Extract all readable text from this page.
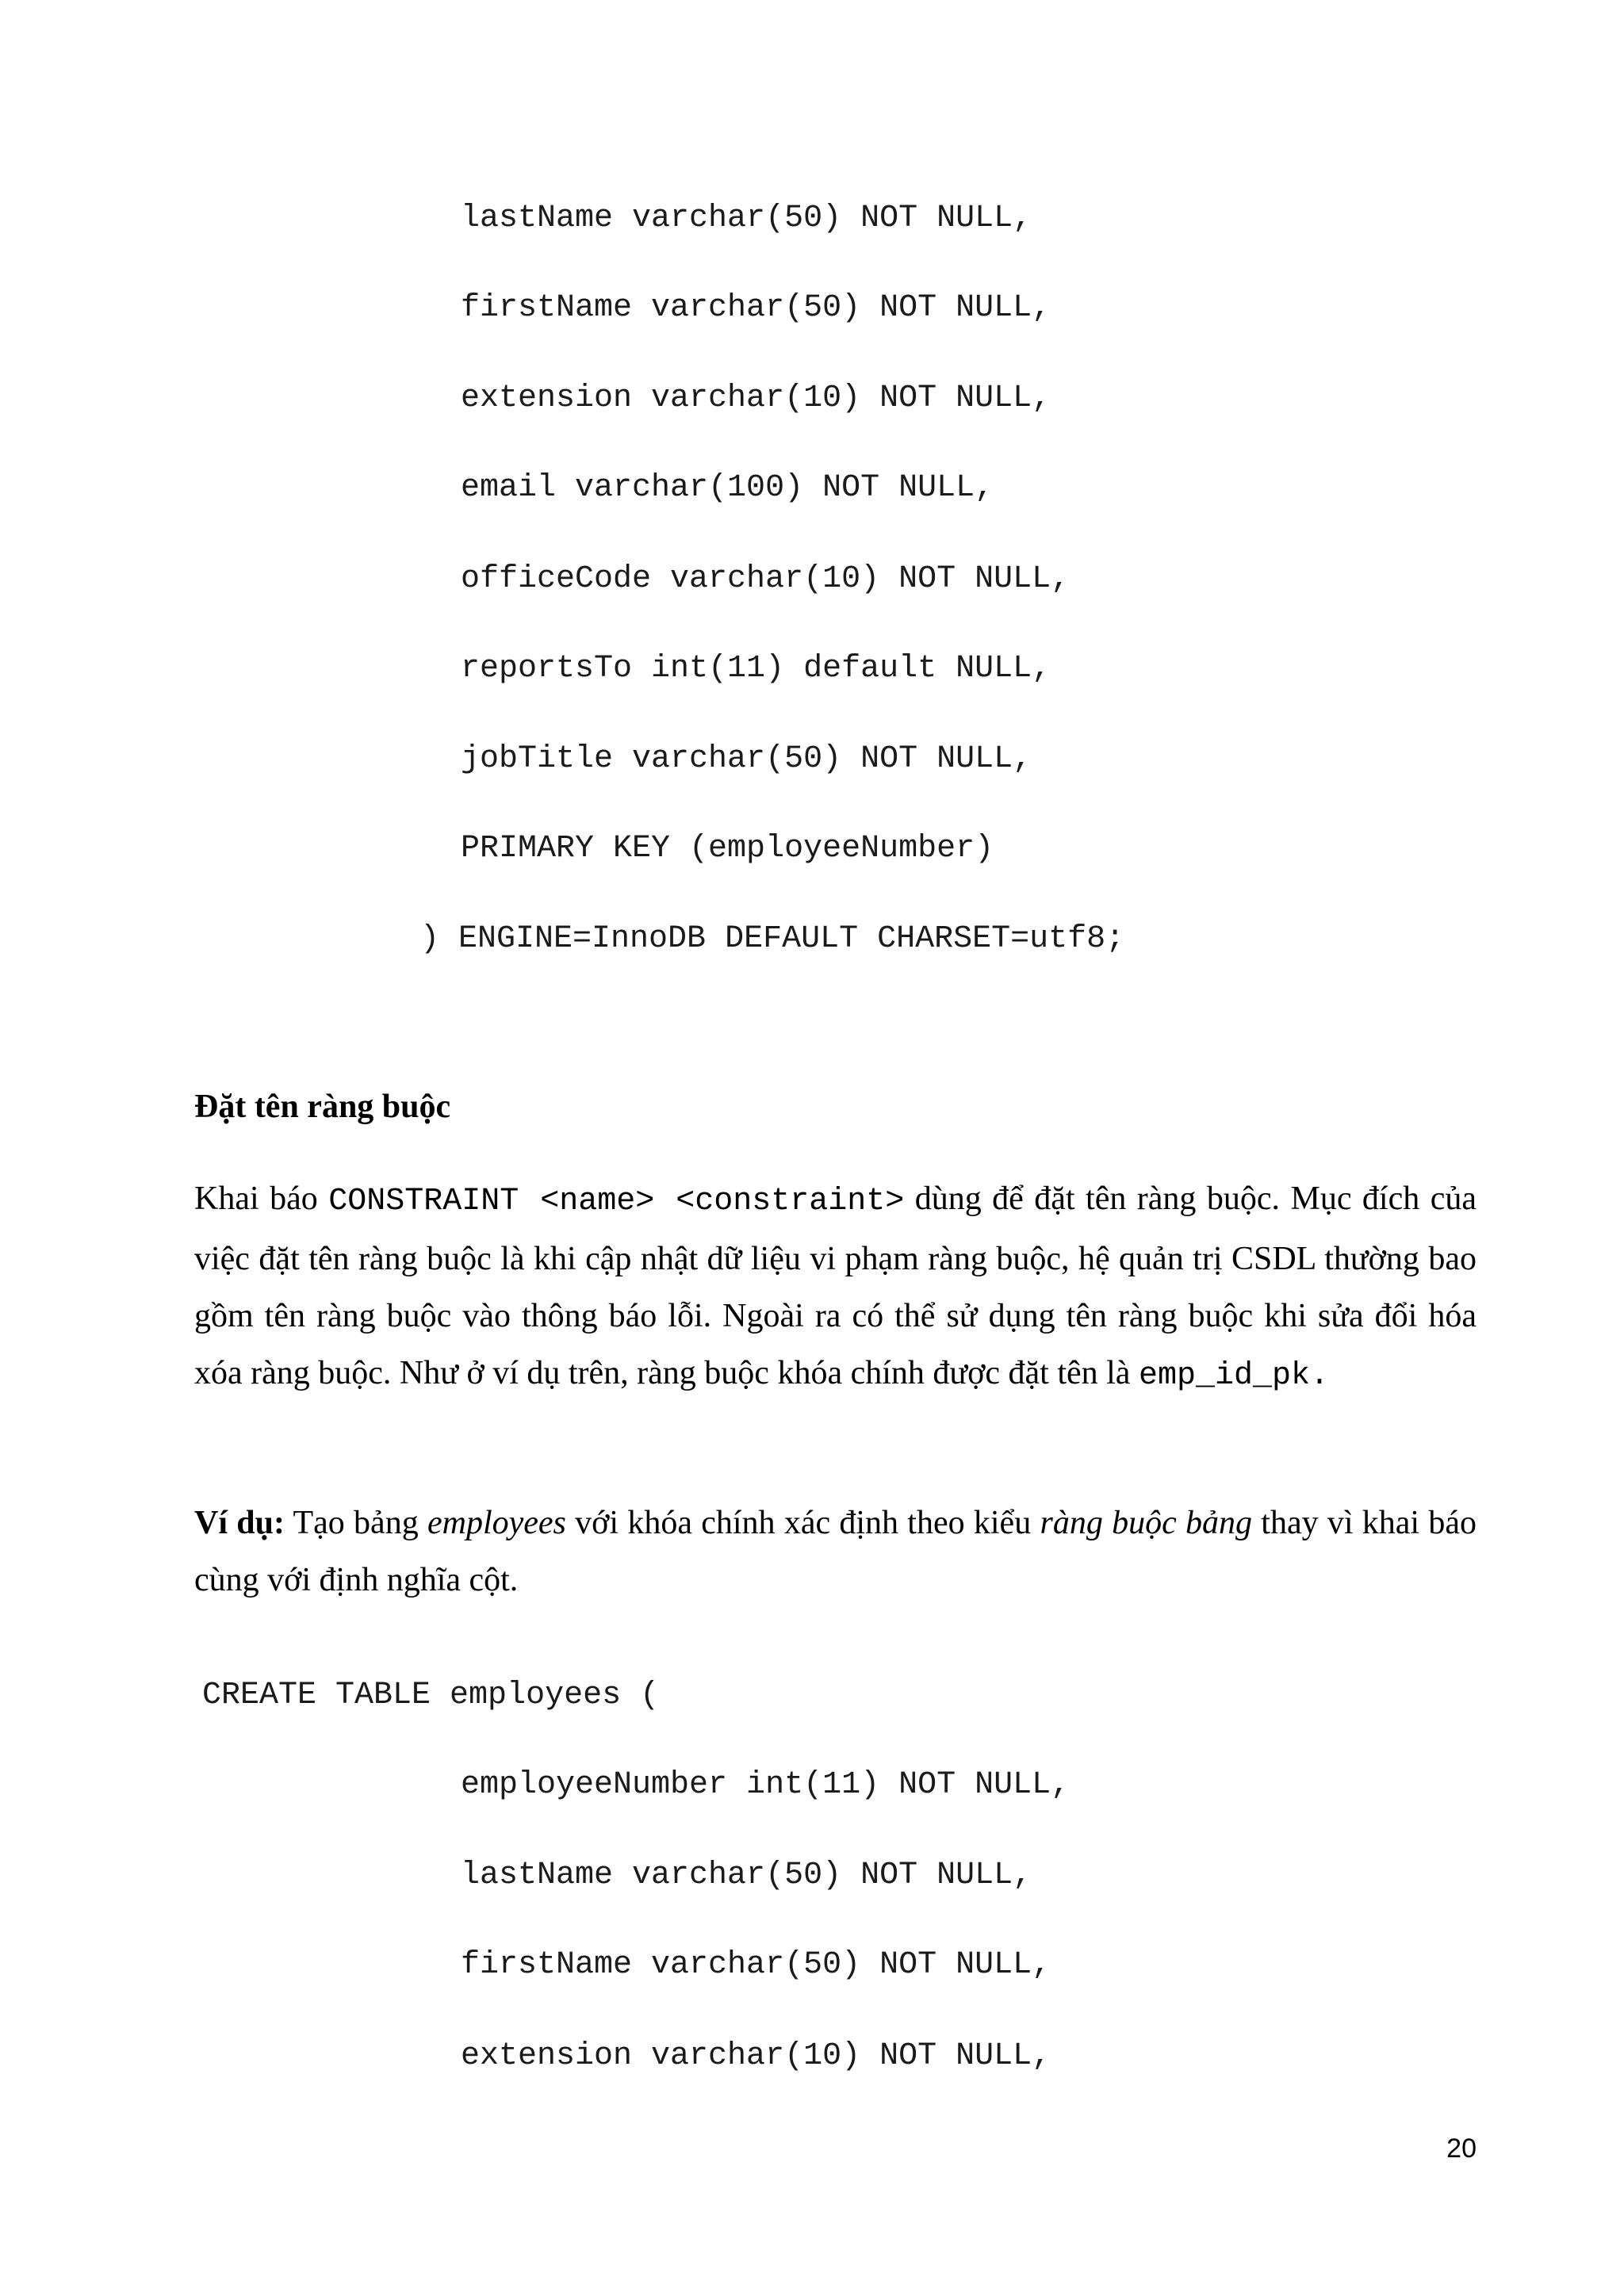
lastName varchar(50) NOT NULL,
firstName varchar(50) NOT NULL,
extension varchar(10) NOT NULL,
email varchar(100) NOT NULL,
officeCode varchar(10) NOT NULL,
reportsTo int(11) default NULL,
jobTitle varchar(50) NOT NULL,
PRIMARY KEY (employeeNumber)
) ENGINE=InnoDB DEFAULT CHARSET=utf8;
Đặt tên ràng buộc

Khai báo CONSTRAINT <name> <constraint> dùng để đặt tên ràng buộc. Mục đích của việc đặt tên ràng buộc là khi cập nhật dữ liệu vi phạm ràng buộc, hệ quản trị CSDL thường bao gồm tên ràng buộc vào thông báo lỗi. Ngoài ra có thể sử dụng tên ràng buộc khi sửa đổi hóa xóa ràng buộc. Như ở ví dụ trên, ràng buộc khóa chính được đặt tên là emp_id_pk.

Ví dụ: Tạo bảng employees với khóa chính xác định theo kiểu ràng buộc bảng thay vì khai báo cùng với định nghĩa cột.

CREATE TABLE employees (
employeeNumber int(11) NOT NULL,
lastName varchar(50) NOT NULL,
firstName varchar(50) NOT NULL,
extension varchar(10) NOT NULL,
20
